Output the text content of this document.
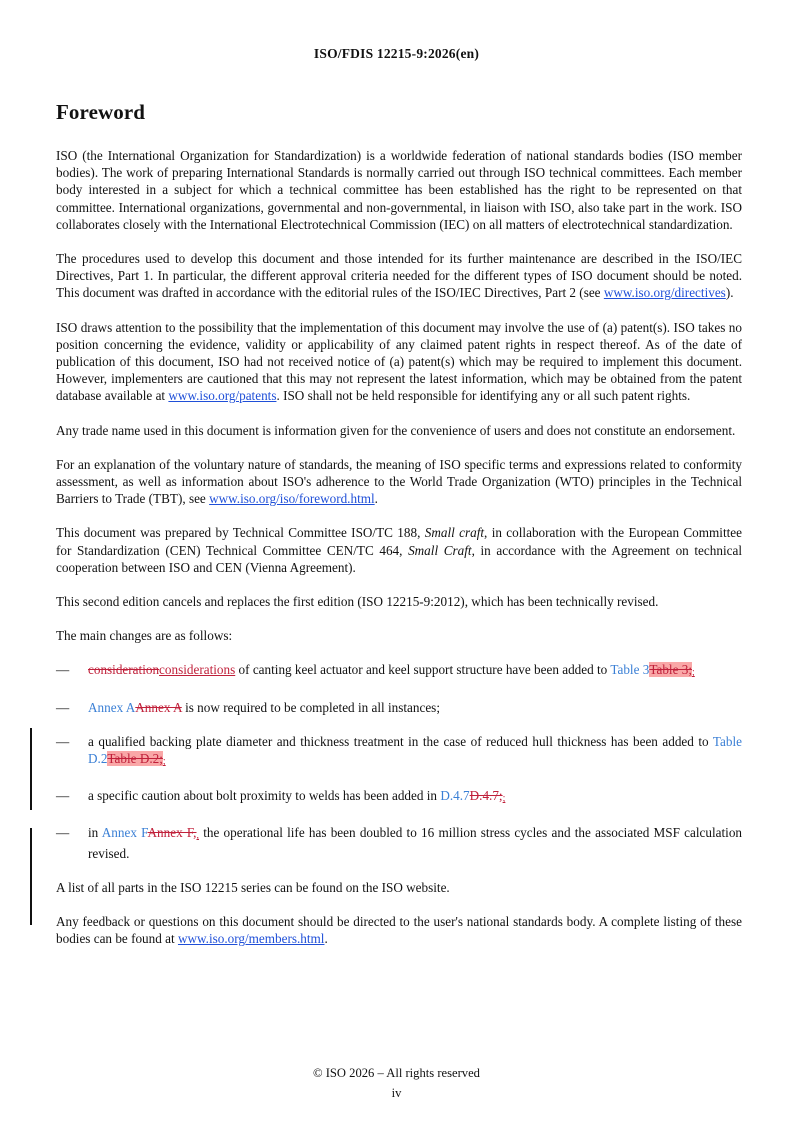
ISO/FDIS 12215-9:2026(en)
Foreword

ISO (the International Organization for Standardization) is a worldwide federation of national standards bodies (ISO member bodies). The work of preparing International Standards is normally carried out through ISO technical committees. Each member body interested in a subject for which a technical committee has been established has the right to be represented on that committee. International organizations, governmental and non-governmental, in liaison with ISO, also take part in the work. ISO collaborates closely with the International Electrotechnical Commission (IEC) on all matters of electrotechnical standardization.

The procedures used to develop this document and those intended for its further maintenance are described in the ISO/IEC Directives, Part 1. In particular, the different approval criteria needed for the different types of ISO document should be noted. This document was drafted in accordance with the editorial rules of the ISO/IEC Directives, Part 2 (see www.iso.org/directives).

ISO draws attention to the possibility that the implementation of this document may involve the use of (a) patent(s). ISO takes no position concerning the evidence, validity or applicability of any claimed patent rights in respect thereof. As of the date of publication of this document, ISO had not received notice of (a) patent(s) which may be required to implement this document. However, implementers are cautioned that this may not represent the latest information, which may be obtained from the patent database available at www.iso.org/patents. ISO shall not be held responsible for identifying any or all such patent rights.

Any trade name used in this document is information given for the convenience of users and does not constitute an endorsement.

For an explanation of the voluntary nature of standards, the meaning of ISO specific terms and expressions related to conformity assessment, as well as information about ISO's adherence to the World Trade Organization (WTO) principles in the Technical Barriers to Trade (TBT), see www.iso.org/iso/foreword.html.

This document was prepared by Technical Committee ISO/TC 188, Small craft, in collaboration with the European Committee for Standardization (CEN) Technical Committee CEN/TC 464, Small Craft, in accordance with the Agreement on technical cooperation between ISO and CEN (Vienna Agreement).

This second edition cancels and replaces the first edition (ISO 12215-9:2012), which has been technically revised.

The main changes are as follows:

— considerationconsiderations of canting keel actuator and keel support structure have been added to Table 3Table 3;;
— Annex AAnnex A is now required to be completed in all instances;
— a qualified backing plate diameter and thickness treatment in the case of reduced hull thickness has been added to Table D.2Table D.2;;
— a specific caution about bolt proximity to welds has been added in D.4.7D.4.7;;
— in Annex FAnnex F,, the operational life has been doubled to 16 million stress cycles and the associated MSF calculation revised.

A list of all parts in the ISO 12215 series can be found on the ISO website.

Any feedback or questions on this document should be directed to the user's national standards body. A complete listing of these bodies can be found at www.iso.org/members.html.

© ISO 2026 – All rights reserved
iv
